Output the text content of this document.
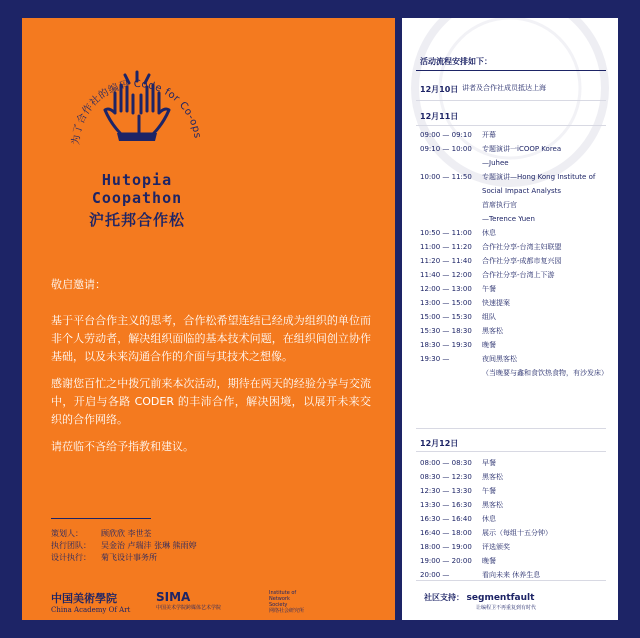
为了合作社的编码 Code for Co-ops
Hutopia
Coopathon
沪托邦合作松

敬启邀请：

基于平台合作主义的思考，合作松希望连结已经成为组织的单位而非个人劳动者，解决组织面临的基本技术问题，在组织间创立协作基础，以及未来沟通合作的介面与其技术之想像。

感谢您百忙之中拨冗前来本次活动，期待在两天的经验分享与交流中，开启与各路 CODER 的丰沛合作，解决困境，以展开未来交织的合作网络。

请莅临不吝给予指教和建议。

策划人： 顾欣欣 李世荃
执行团队： 吴金治 卢瑞沣 张琳 熊雨婷
设计执行： 菊飞设计事务所
中国美術學院
China Academy Of Art
SIMA
中国美术学院跨媒体艺术学院
Institute of
Network
Society
网络社会研究所
活动流程安排如下：
12月10日 讲者及合作社成员抵达上海
12月11日
09:00 — 09:10 开幕
09:10 — 10:00 专题演讲一iCOOP Korea
—Juhee
10:00 — 11:50 专题演讲—Hong Kong Institute of
Social Impact Analysts
首席执行官
—Terence Yuen
10:50 — 11:00 休息
11:00 — 11:20 合作社分享-台湾主妇联盟
11:20 — 11:40 合作社分享-成都市复兴园
11:40 — 12:00 合作社分享-台湾上下游
12:00 — 13:00 午餐
13:00 — 15:00 快速提案
15:00 — 15:30 组队
15:30 — 18:30 黑客松
18:30 — 19:30 晚餐
19:30 —	夜间黑客松
（当晚要与鑫和食饮热食物，有沙发床）
12月12日
08:00 — 08:30 早餐
08:30 — 12:30 黑客松
12:30 — 13:30 午餐
13:30 — 16:30 黑客松
16:30 — 16:40 休息
16:40 — 18:00 展示（每组十五分钟）
18:00 — 19:00 评选颁奖
19:00 — 20:00 晚餐
20:00 —	看向未来 休养生息
社区支持： segmentfault
让编程卫不再重复到有时代
